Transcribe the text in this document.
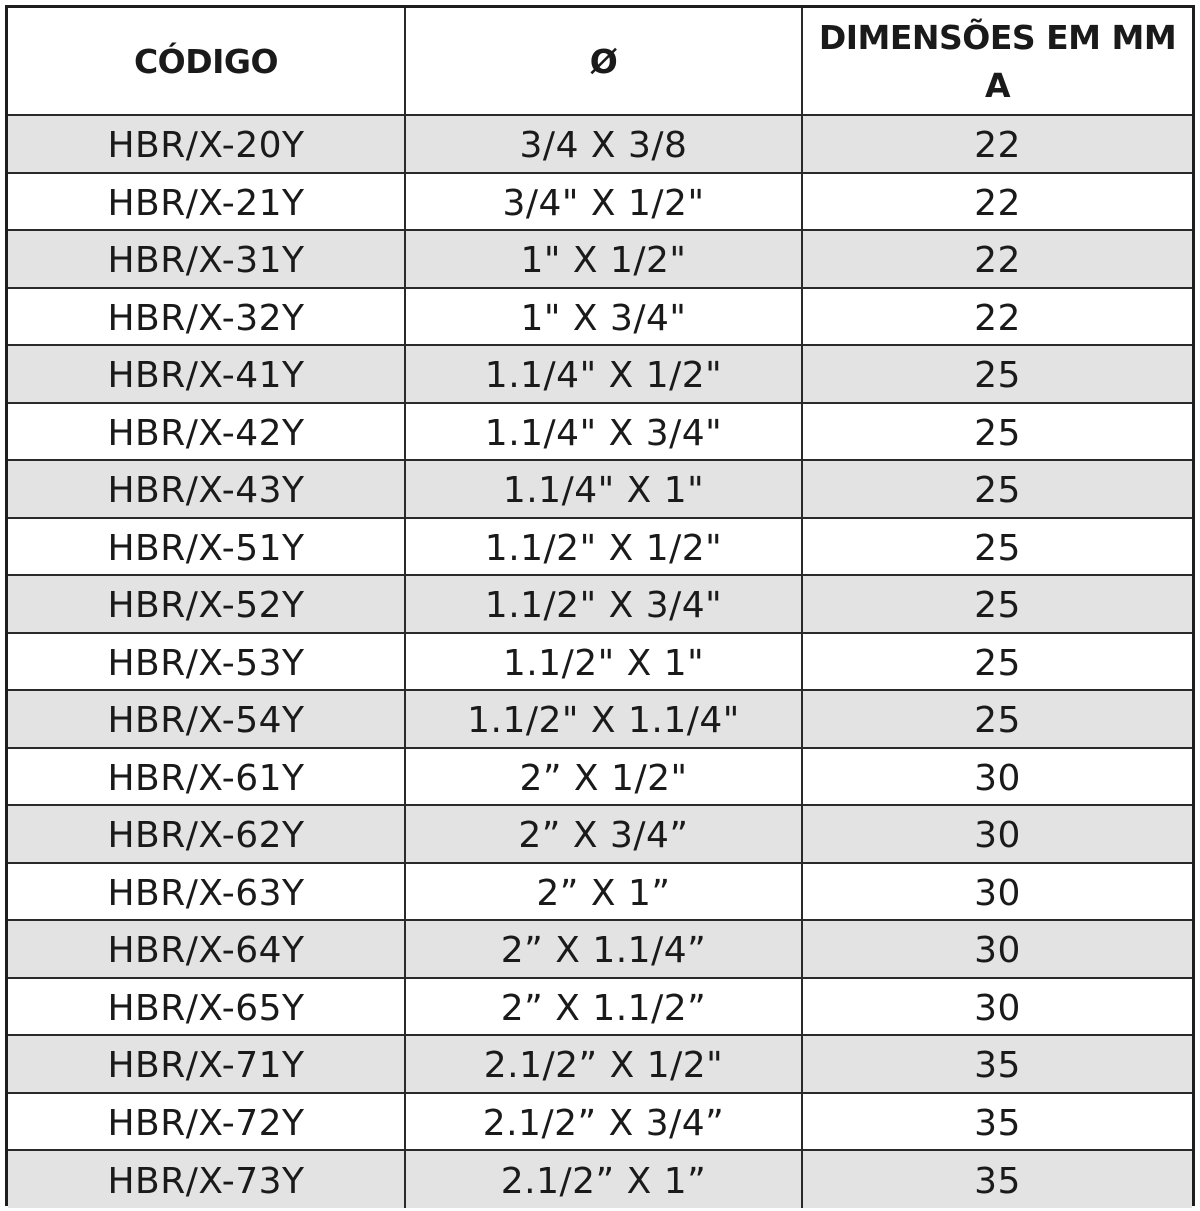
CÓDIGO	Ø	DIMENSÕES EM MM
A

HBR/X-20Y	3/4 X 3/8	22
HBR/X-21Y	3/4" X 1/2"	22
HBR/X-31Y	1" X 1/2"	22
HBR/X-32Y	1" X 3/4"	22
HBR/X-41Y	1.1/4" X 1/2"	25
HBR/X-42Y	1.1/4" X 3/4"	25
HBR/X-43Y	1.1/4" X 1"	25
HBR/X-51Y	1.1/2" X 1/2"	25
HBR/X-52Y	1.1/2" X 3/4"	25
HBR/X-53Y	1.1/2" X 1"	25
HBR/X-54Y	1.1/2" X 1.1/4"	25
HBR/X-61Y	2” X 1/2"	30
HBR/X-62Y	2” X 3/4”	30
HBR/X-63Y	2” X 1”	30
HBR/X-64Y	2” X 1.1/4”	30
HBR/X-65Y	2” X 1.1/2”	30
HBR/X-71Y	2.1/2” X 1/2"	35
HBR/X-72Y	2.1/2” X 3/4”	35
HBR/X-73Y	2.1/2” X 1”	35
